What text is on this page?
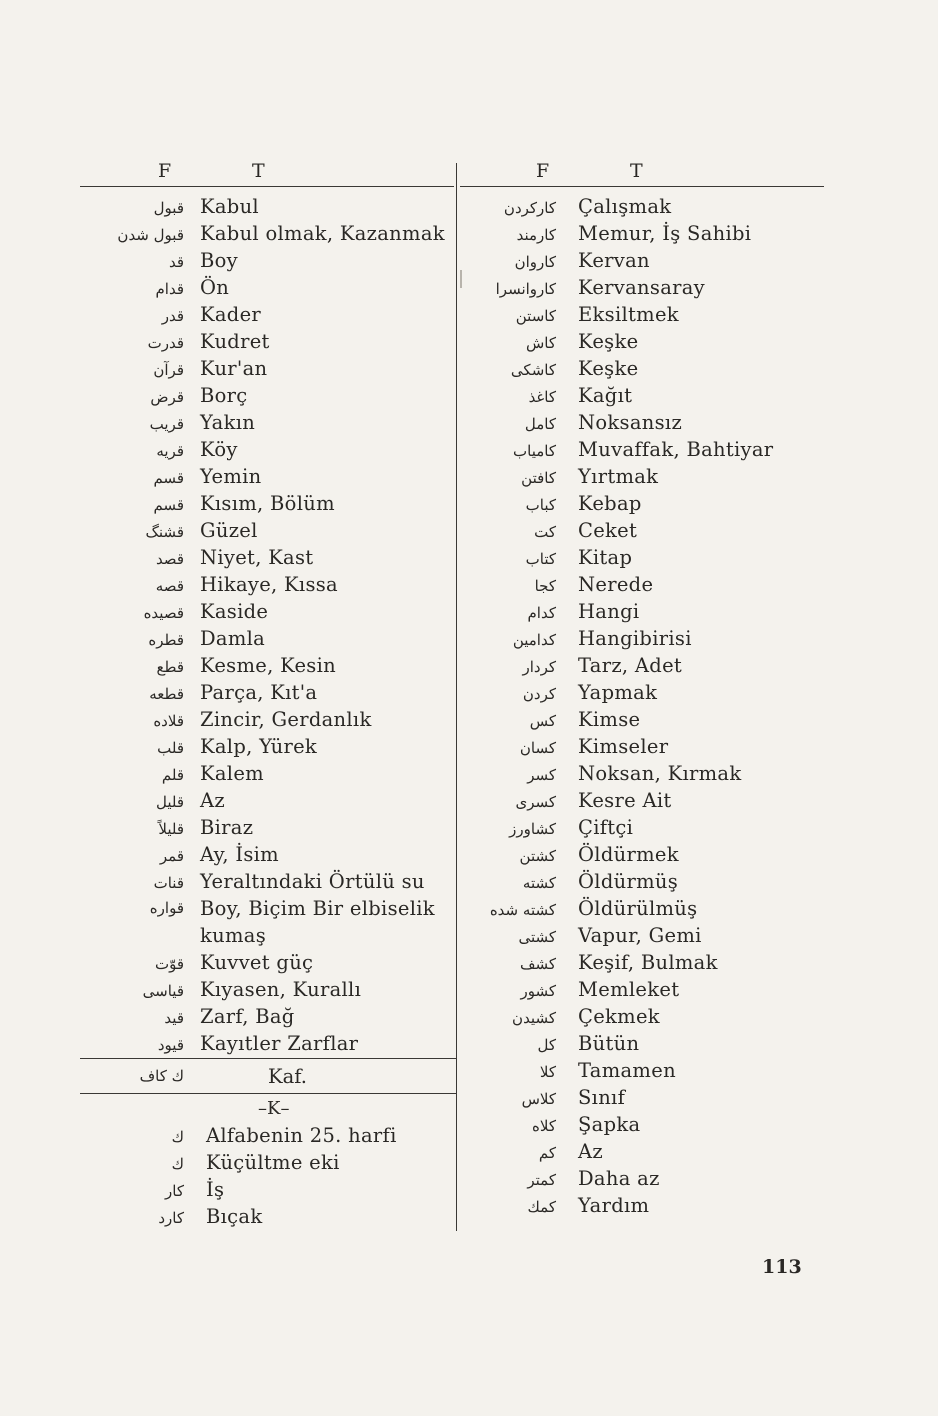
F	T
قبول Kabul
قبول شدن Kabul olmak, Kazanmak
قد Boy
قدام Ön
قدر Kader
قدرت Kudret
قرآن Kur'an
قرض Borç
قريب Yakın
قريه Köy
قسم Yemin
قسم Kısım, Bölüm
قشنگ Güzel
قصد Niyet, Kast
قصه Hikaye, Kıssa
قصيده Kaside
قطره Damla
قطع Kesme, Kesin
قطعه Parça, Kıt'a
قلاده Zincir, Gerdanlık
قلب Kalp, Yürek
قلم Kalem
قليل Az
قليلاً Biraz
قمر Ay, İsim
قنات Yeraltındaki Örtülü su
قواره Boy, Biçim Bir elbiselik kumaş
قوّت Kuvvet güç
قياسى Kıyasen, Kurallı
قيد Zarf, Bağ
قيود Kayıtler Zarflar
F	T
كاركردن	Çalışmak
كارمند	Memur, İş Sahibi
كاروان	Kervan
كاروانسرا	Kervansaray
كاستن	Eksiltmek
كاش	Keşke
كاشكى	Keşke
كاغذ	Kağıt
كامل	Noksansız
كامياب	Muvaffak, Bahtiyar
كافتن	Yırtmak
كباب	Kebap
كت	Ceket
كتاب	Kitap
كجا	Nerede
كدام	Hangi
كدامين	Hangibirisi
كردار	Tarz, Adet
كردن	Yapmak
كس	Kimse
كسان	Kimseler
كسر	Noksan, Kırmak
كسرى	Kesre Ait
كشاورز	Çiftçi
كشتن	Öldürmek
كشته	Öldürmüş
كشته شده	Öldürülmüş
كشتى	Vapur, Gemi
كشف	Keşif, Bulmak
كشور	Memleket
كشيدن	Çekmek
كل	Bütün
كلا	Tamamen
كلاس	Sınıf
كلاه	Şapka
كم	Az
كمتر	Daha az
كمك	Yardım
ك كاف	Kaf.
–K–
ك	Alfabenin 25. harfi
ك	Küçültme eki
كار	İş
كارد	Bıçak
113
